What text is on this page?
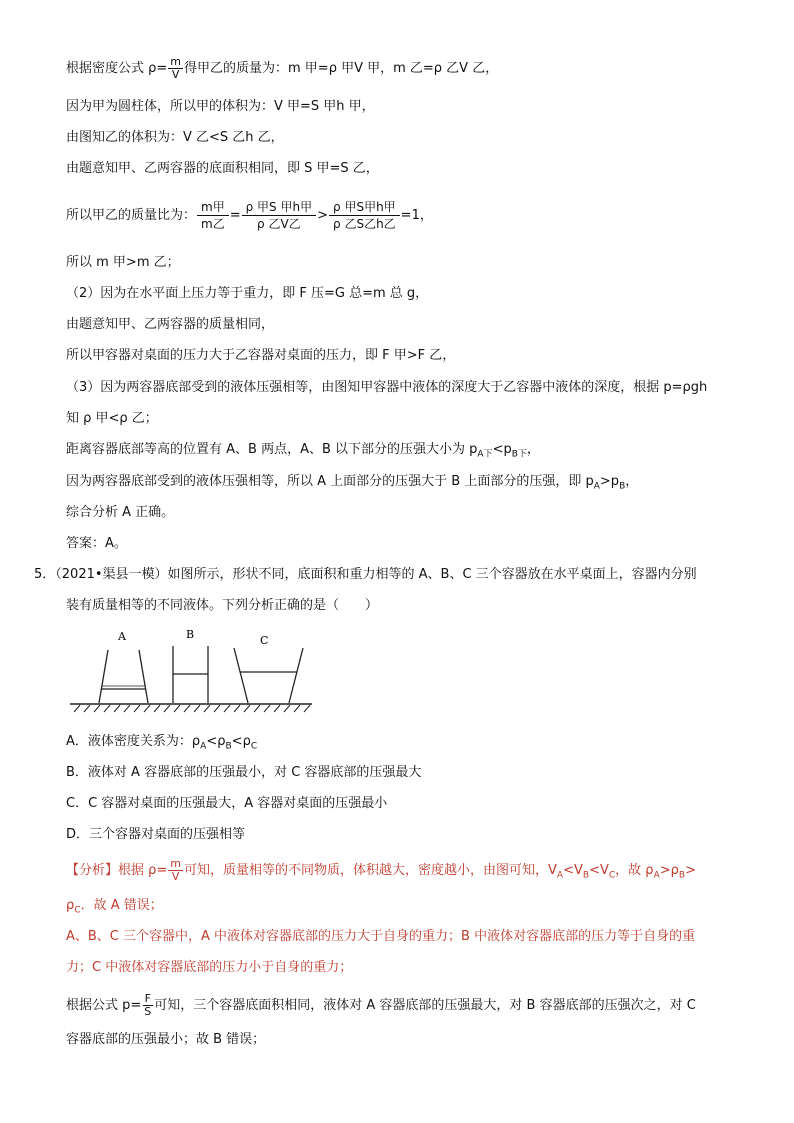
根据密度公式 $\rho= \frac{m}{V}$ 得甲乙的质量为：m 甲=ρ 甲V 甲，m 乙=ρ 乙V 乙，
因为甲为圆柱体，所以甲的体积为：V 甲=S 甲h 甲，
由图知乙的体积为：V 乙<S 乙h 乙，
由题意知甲、乙两容器的底面积相同，即 S 甲=S 乙，
所以甲乙的质量比为： $\frac{\text{m甲}}{\text{m乙}} = \frac{\text{ρ 甲S 甲h甲}}{\text{ρ 乙V乙}} > \frac{\text{ρ 甲S甲h甲}}{\text{ρ 乙S乙h乙}} =1$，
所以 m 甲>m 乙；
（2）因为在水平面上压力等于重力，即 F 压=G 总=m 总 g，
由题意知甲、乙两容器的质量相同，
所以甲容器对桌面的压力大于乙容器对桌面的压力，即 F 甲>F 乙，
（3）因为两容器底部受到的液体压强相等，由图知甲容器中液体的深度大于乙容器中液体的深度，根据 p=ρgh
知 ρ 甲<ρ 乙；
距离容器底部等高的位置有 A、B 两点，A、B 以下部分的压强大小为 $p_{A下}<p_{B下}$，
因为两容器底部受到的液体压强相等，所以 A 上面部分的压强大于 B 上面部分的压强，即 $p_A>p_B$，
综合分析 A 正确。
答案：A。
5．（2021•渠县一模）如图所示，形状不同，底面积和重力相等的 A、B、C 三个容器放在水平桌面上，容器内分别
装有质量相等的不同液体。下列分析正确的是（　　）
A	B	C
A．液体密度关系为：$\rho_A<\rho_B<\rho_C$
B．液体对 A 容器底部的压强最小，对 C 容器底部的压强最大
C．C 容器对桌面的压强最大，A 容器对桌面的压强最小
D．三个容器对桌面的压强相等
【分析】根据 $\rho= \frac{m}{V}$ 可知，质量相等的不同物质，体积越大，密度越小，由图可知，$V_A<V_B<V_C$，故 $\rho_A>\rho_B>$
$\rho_C$．故 A 错误；
A、B、C 三个容器中，A 中液体对容器底部的压力大于自身的重力；B 中液体对容器底部的压力等于自身的重
力；C 中液体对容器底部的压力小于自身的重力；
根据公式 $p= \frac{F}{S}$ 可知，三个容器底面积相同，液体对 A 容器底部的压强最大，对 B 容器底部的压强次之，对 C
容器底部的压强最小；故 B 错误；
